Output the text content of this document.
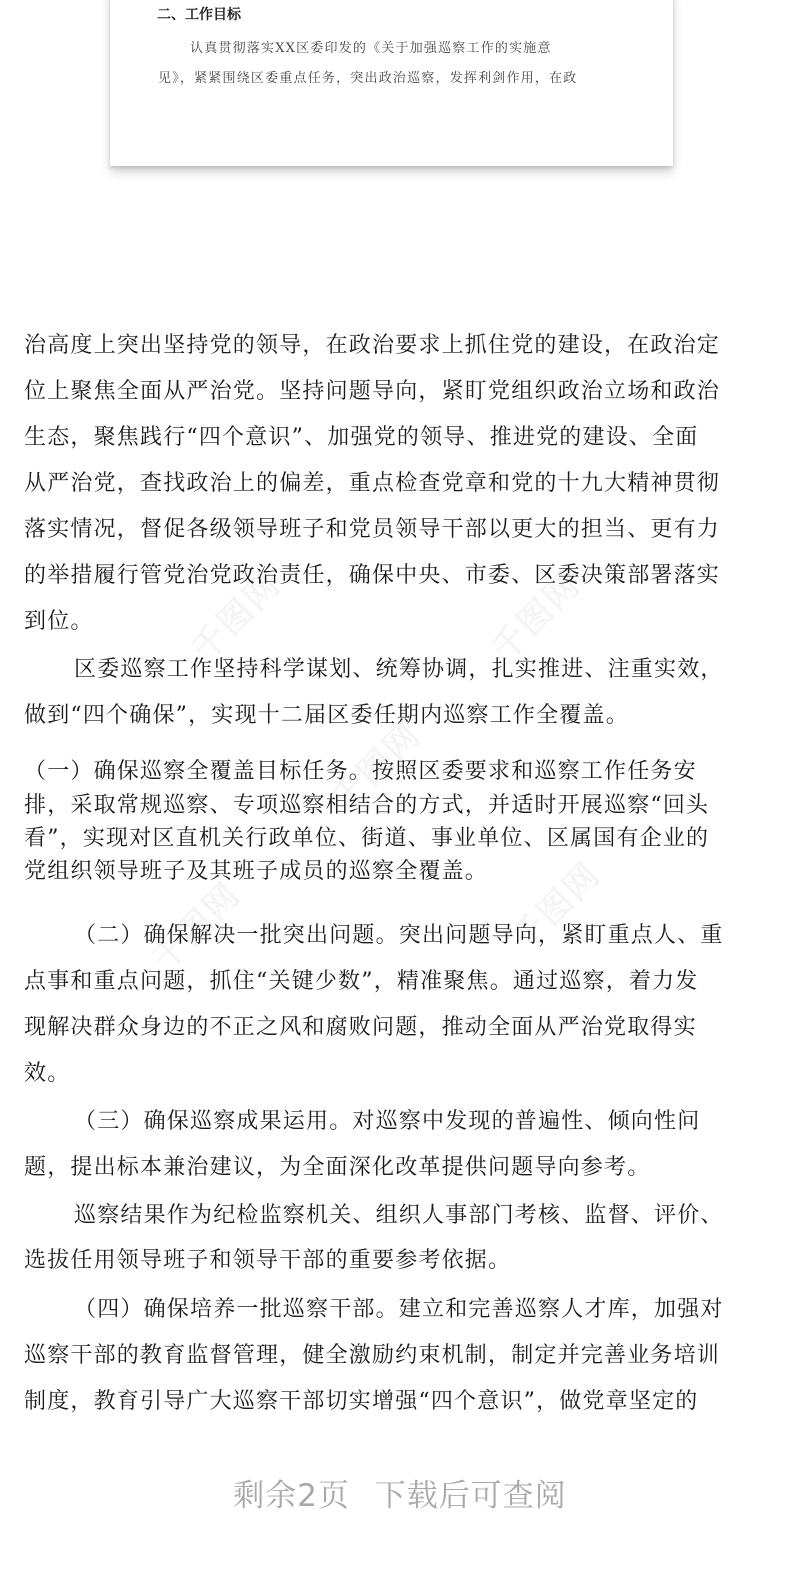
二、工作目标
认真贯彻落实XX区委印发的《关于加强巡察工作的实施意
见》，紧紧围绕区委重点任务，突出政治巡察，发挥利剑作用，在政
治高度上突出坚持党的领导，在政治要求上抓住党的建设，在政治定
位上聚焦全面从严治党。坚持问题导向，紧盯党组织政治立场和政治
生态，聚焦践行“四个意识”、加强党的领导、推进党的建设、全面
从严治党，查找政治上的偏差，重点检查党章和党的十九大精神贯彻
落实情况，督促各级领导班子和党员领导干部以更大的担当、更有力
的举措履行管党治党政治责任，确保中央、市委、区委决策部署落实
到位。
区委巡察工作坚持科学谋划、统筹协调，扎实推进、注重实效，
做到“四个确保”，实现十二届区委任期内巡察工作全覆盖。
（一）确保巡察全覆盖目标任务。按照区委要求和巡察工作任务安
排，采取常规巡察、专项巡察相结合的方式，并适时开展巡察“回头
看”，实现对区直机关行政单位、街道、事业单位、区属国有企业的
党组织领导班子及其班子成员的巡察全覆盖。
（二）确保解决一批突出问题。突出问题导向，紧盯重点人、重
点事和重点问题，抓住“关键少数”，精准聚焦。通过巡察，着力发
现解决群众身边的不正之风和腐败问题，推动全面从严治党取得实
效。
（三）确保巡察成果运用。对巡察中发现的普遍性、倾向性问
题，提出标本兼治建议，为全面深化改革提供问题导向参考。
巡察结果作为纪检监察机关、组织人事部门考核、监督、评价、
选拔任用领导班子和领导干部的重要参考依据。
（四）确保培养一批巡察干部。建立和完善巡察人才库，加强对
巡察干部的教育监督管理，健全激励约束机制，制定并完善业务培训
制度，教育引导广大巡察干部切实增强“四个意识”，做党章坚定的
剩余2页 下载后可查阅
